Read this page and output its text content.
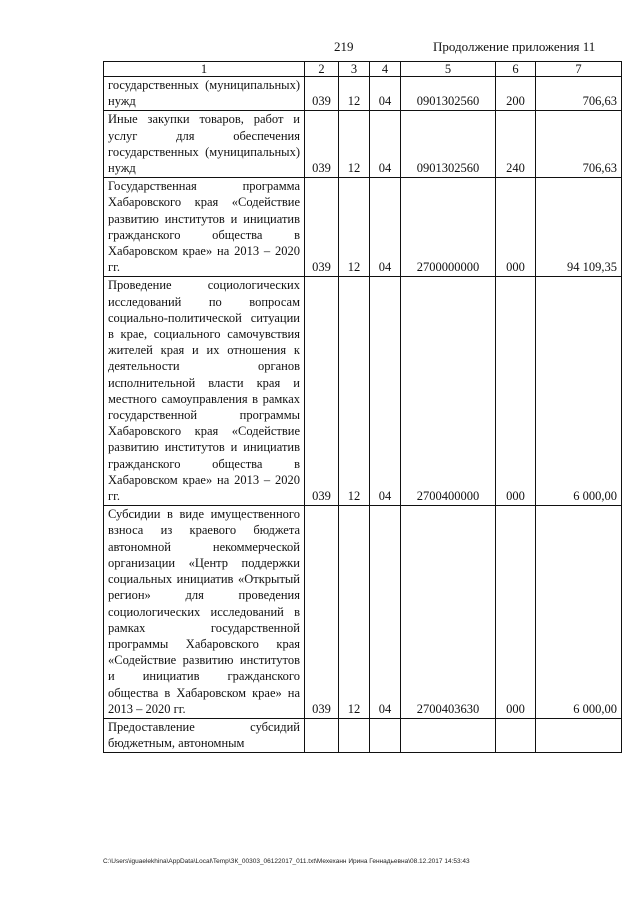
219	Продолжение приложения 11
1	2	3	4	5	6	7
государственных (муниципальных) нужд	039	12	04	0901302560	200	706,63
Иные закупки товаров, работ и услуг для обеспечения государственных (муниципальных) нужд	039	12	04	0901302560	240	706,63
Государственная программа Хабаровского края «Содействие развитию институтов и инициатив гражданского общества в Хабаровском крае» на 2013 – 2020 гг.	039	12	04	2700000000	000	94 109,35
Проведение социологических исследований по вопросам социально-политической ситуации в крае, социального самочувствия жителей края и их отношения к деятельности органов исполнительной власти края и местного самоуправления в рамках государственной программы Хабаровского края «Содействие развитию институтов и инициатив гражданского общества в Хабаровском крае» на 2013 – 2020 гг.	039	12	04	2700400000	000	6 000,00
Субсидии в виде имущественного взноса из краевого бюджета автономной некоммерческой организации «Центр поддержки социальных инициатив «Открытый регион» для проведения социологических исследований в рамках государственной программы Хабаровского края «Содействие развитию институтов и инициатив гражданского общества в Хабаровском крае» на 2013 – 2020 гг.	039	12	04	2700403630	000	6 000,00
Предоставление субсидий бюджетным, автономным						
C:\Users\iguaelekhina\AppData\Local\Temp\ЗК_00303_06122017_011.txt\Мехеханн Ирина Геннадьевна\08.12.2017 14:53:43
